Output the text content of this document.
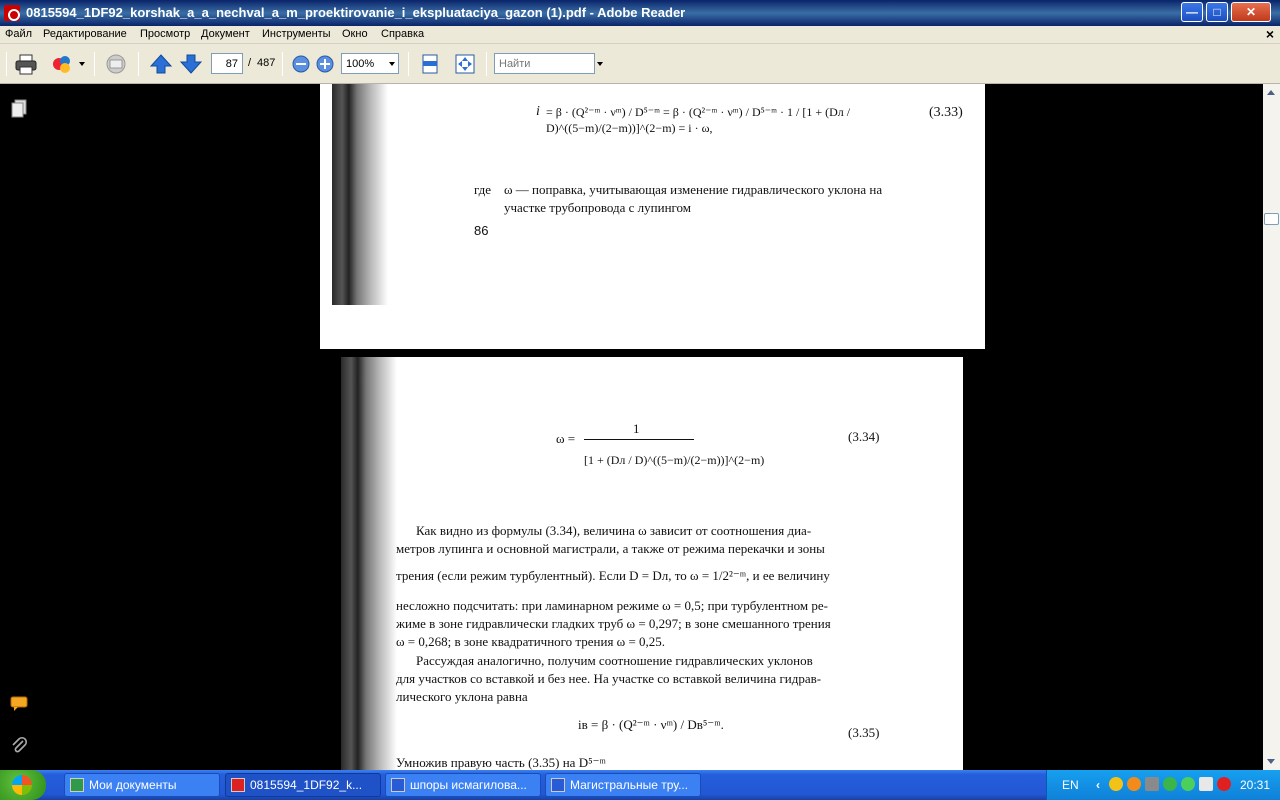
0815594_1DF92_korshak_a_a_nechval_a_m_proektirovanie_i_ekspluataciya_gazon (1).pdf - Adobe Reader	—	□	✕
Файл Редактирование Просмотр Документ Инструменты Окно Справка	×
87
/ 487
100%
Найти
i = β · (Q²⁻ᵐ · νᵐ) / D⁵⁻ᵐ = β · (Q²⁻ᵐ · νᵐ) / D⁵⁻ᵐ · 1 / [1 + (Dл / D)^((5−m)/(2−m))]^(2−m) = i · ω,
(3.33)
где ω — поправка, учитывающая изменение гидравлического уклона на
участке трубопровода с лупингом
86
ω =
1
[1 + (Dл / D)^((5−m)/(2−m))]^(2−m)
(3.34)
Как видно из формулы (3.34), величина ω зависит от соотношения диа-
метров лупинга и основной магистрали, а также от режима перекачки и зоны
трения (если режим турбулентный). Если D = Dл, то ω = 1/2²⁻ᵐ, и ее величину
несложно подсчитать: при ламинарном режиме ω = 0,5; при турбулентном ре-
жиме в зоне гидравлически гладких труб ω = 0,297; в зоне смешанного трения
ω = 0,268; в зоне квадратичного трения ω = 0,25.
Рассуждая аналогично, получим соотношение гидравлических уклонов
для участков со вставкой и без нее. На участке со вставкой величина гидрав-
лического уклона равна
iв = β · (Q²⁻ᵐ · νᵐ) / Dв⁵⁻ᵐ.
(3.35)
Умножив правую часть (3.35) на D⁵⁻ᵐ
Мои документы	0815594_1DF92_k...	шпоры исмагилова...	Магистральные тру...	EN ‹	20:31
